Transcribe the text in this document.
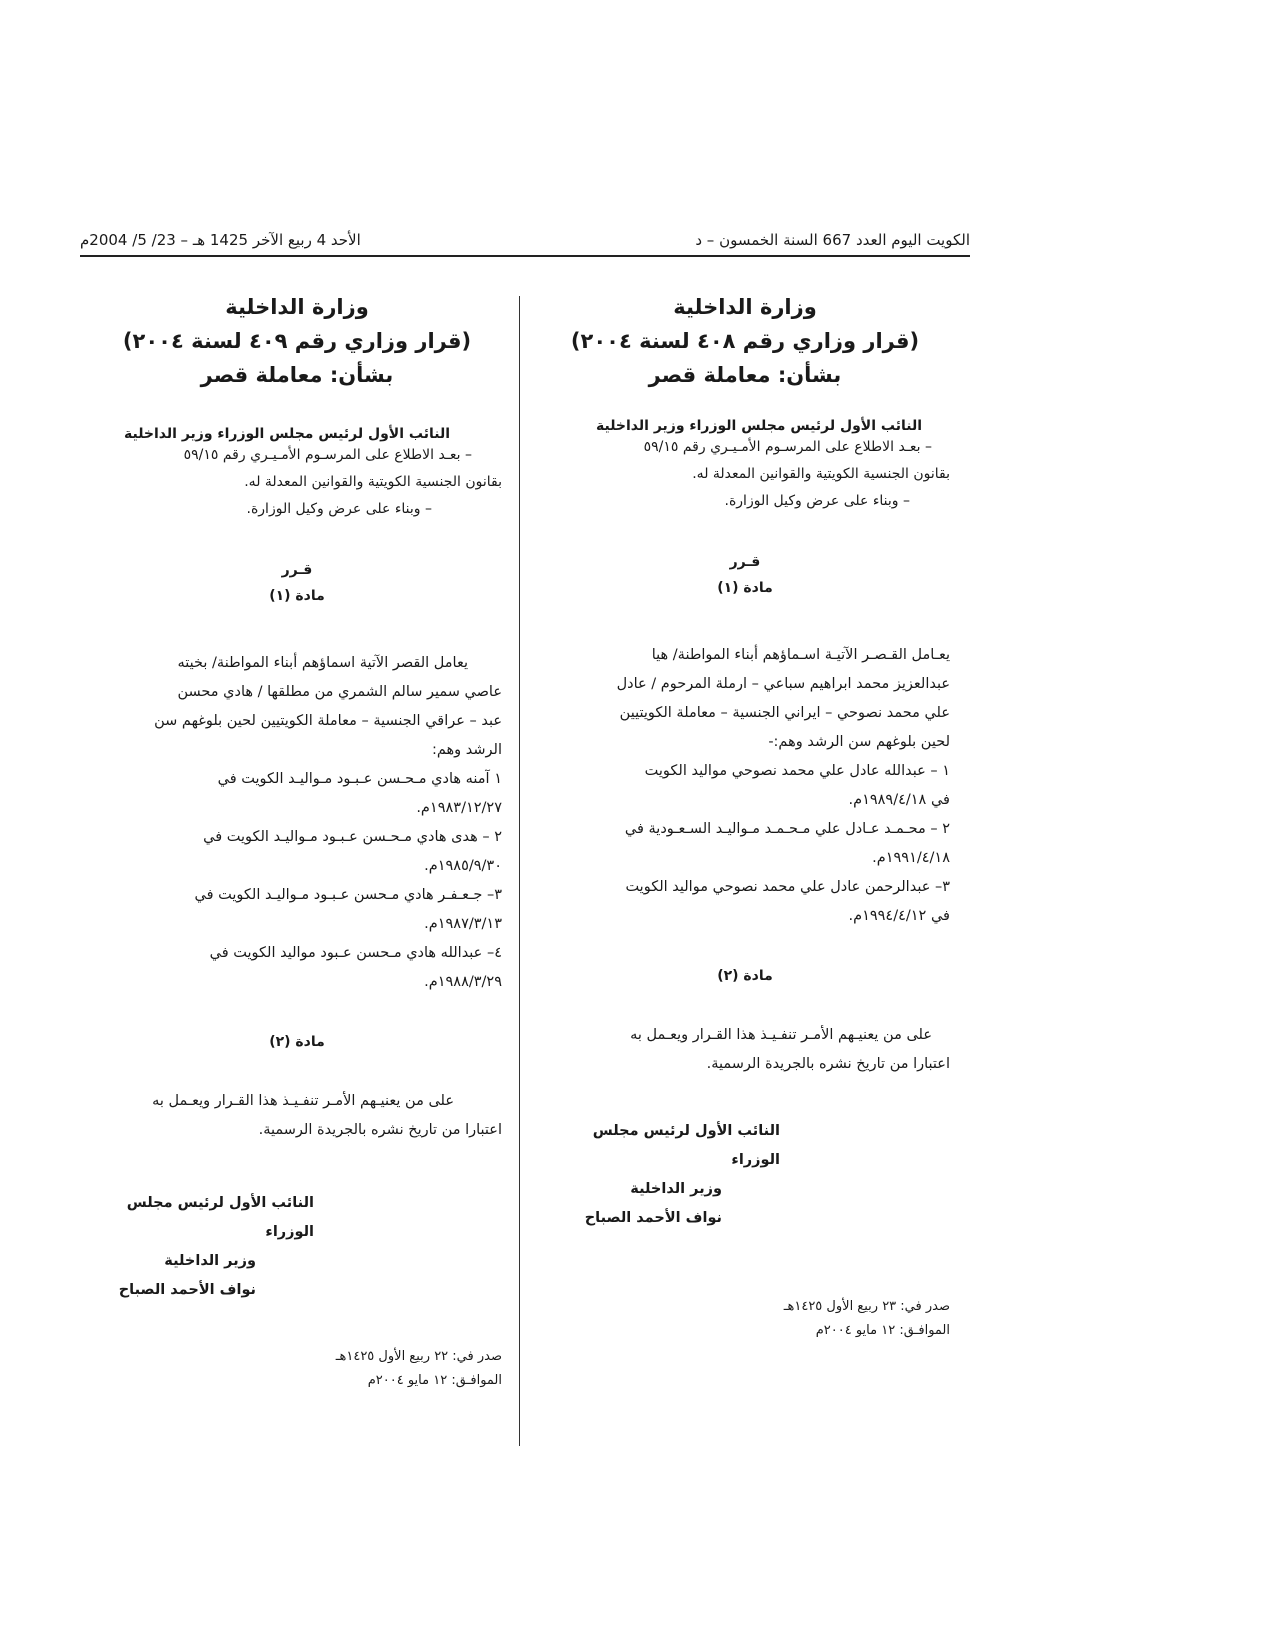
الكويت اليوم العدد 667 السنة الخمسون – د
الأحد 4 ربيع الآخر 1425 هـ – 23/ 5/ 2004م

وزارة الداخلية

(قرار وزاري رقم ٤٠٨ لسنة ٢٠٠٤)

بشأن: معاملة قصر

النائب الأول لرئيس مجلس الوزراء وزير الداخلية

– بعـد الاطلاع على المرسـوم الأمـيـري رقم ٥٩/١٥

بقانون الجنسية الكويتية والقوانين المعدلة له.

– وبناء على عرض وكيل الوزارة.

قـرر
مادة (١)
يعـامل القـصـر الآتيـة اسـماؤهم أبناء المواطنة/ هيا
عبدالعزيز محمد ابراهيم سباعي – ارملة المرحوم / عادل
علي محمد نصوحي – ايراني الجنسية – معاملة الكويتيين
لحين بلوغهم سن الرشد وهم:-
١ – عبدالله عادل علي محمد نصوحي مواليد الكويت
في ١٩٨٩/٤/١٨م.
٢ – محـمـد عـادل علي مـحـمـد مـواليـد السـعـودية في
١٩٩١/٤/١٨م.
٣– عبدالرحمن عادل علي محمد نصوحي مواليد الكويت
في ١٩٩٤/٤/١٢م.
مادة (٢)
على من يعنيـهم الأمـر تنفـيـذ هذا القـرار ويعـمل به
اعتبارا من تاريخ نشره بالجريدة الرسمية.
النائب الأول لرئيس مجلس الوزراء
وزير الداخلية
نواف الأحمد الصباح
صدر في: ٢٣ ربيع الأول ١٤٢٥هـ
الموافـق: ١٢ مايو ٢٠٠٤م

وزارة الداخلية

(قرار وزاري رقم ٤٠٩ لسنة ٢٠٠٤)

بشأن: معاملة قصر

النائب الأول لرئيس مجلس الوزراء وزير الداخلية

– بعـد الاطلاع على المرسـوم الأمـيـري رقم ٥٩/١٥

بقانون الجنسية الكويتية والقوانين المعدلة له.

– وبناء على عرض وكيل الوزارة.

قـرر
مادة (١)
يعامل القصر الآتية اسماؤهم أبناء المواطنة/ بخيته
عاصي سمير سالم الشمري من مطلقها / هادي محسن
عبد – عراقي الجنسية – معاملة الكويتيين لحين بلوغهم سن
الرشد وهم:
١ آمنه هادي مـحـسن عـبـود مـواليـد الكويت في
١٩٨٣/١٢/٢٧م.
٢ – هدى هادي مـحـسن عـبـود مـواليـد الكويت في
١٩٨٥/٩/٣٠م.
٣– جـعـفـر هادي مـحسن عـبـود مـواليـد الكويت في
١٩٨٧/٣/١٣م.
٤– عبدالله هادي مـحسن عـبود مواليد الكويت في
١٩٨٨/٣/٢٩م.
مادة (٢)
على من يعنيـهم الأمـر تنفـيـذ هذا القـرار ويعـمل به
اعتبارا من تاريخ نشره بالجريدة الرسمية.
النائب الأول لرئيس مجلس الوزراء
وزير الداخلية
نواف الأحمد الصباح
صدر في: ٢٢ ربيع الأول ١٤٢٥هـ
الموافـق: ١٢ مايو ٢٠٠٤م
